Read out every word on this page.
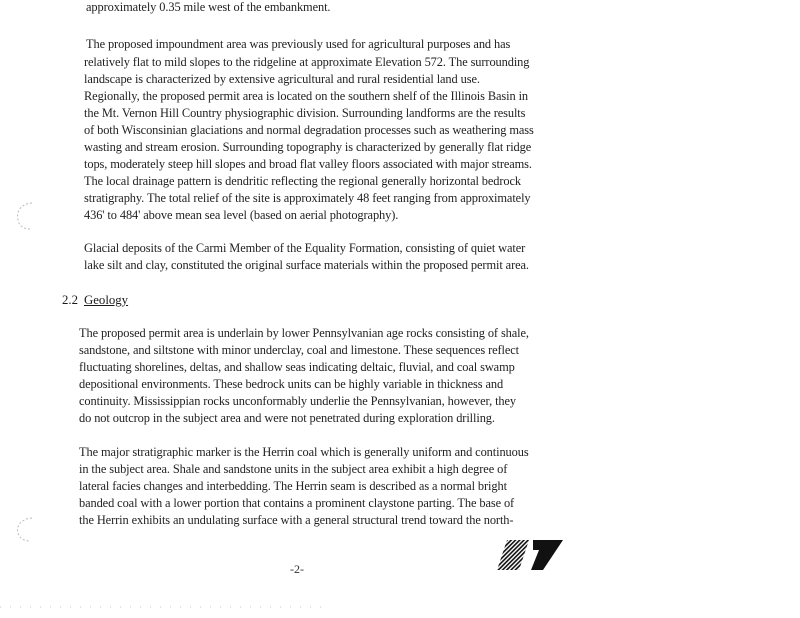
approximately 0.35 mile west of the embankment.
The proposed impoundment area was previously used for agricultural purposes and has
relatively flat to mild slopes to the ridgeline at approximate Elevation 572. The surrounding
landscape is characterized by extensive agricultural and rural residential land use.
Regionally, the proposed permit area is located on the southern shelf of the Illinois Basin in
the Mt. Vernon Hill Country physiographic division. Surrounding landforms are the results
of both Wisconsinian glaciations and normal degradation processes such as weathering mass
wasting and stream erosion. Surrounding topography is characterized by generally flat ridge
tops, moderately steep hill slopes and broad flat valley floors associated with major streams.
The local drainage pattern is dendritic reflecting the regional generally horizontal bedrock
stratigraphy. The total relief of the site is approximately 48 feet ranging from approximately
436' to 484' above mean sea level (based on aerial photography).
Glacial deposits of the Carmi Member of the Equality Formation, consisting of quiet water
lake silt and clay, constituted the original surface materials within the proposed permit area.
2.2 Geology
The proposed permit area is underlain by lower Pennsylvanian age rocks consisting of shale,
sandstone, and siltstone with minor underclay, coal and limestone. These sequences reflect
fluctuating shorelines, deltas, and shallow seas indicating deltaic, fluvial, and coal swamp
depositional environments. These bedrock units can be highly variable in thickness and
continuity. Mississippian rocks unconformably underlie the Pennsylvanian, however, they
do not outcrop in the subject area and were not penetrated during exploration drilling.
The major stratigraphic marker is the Herrin coal which is generally uniform and continuous
in the subject area. Shale and sandstone units in the subject area exhibit a high degree of
lateral facies changes and interbedding. The Herrin seam is described as a normal bright
banded coal with a lower portion that contains a prominent claystone parting. The base of
the Herrin exhibits an undulating surface with a general structural trend toward the north-
-2-
